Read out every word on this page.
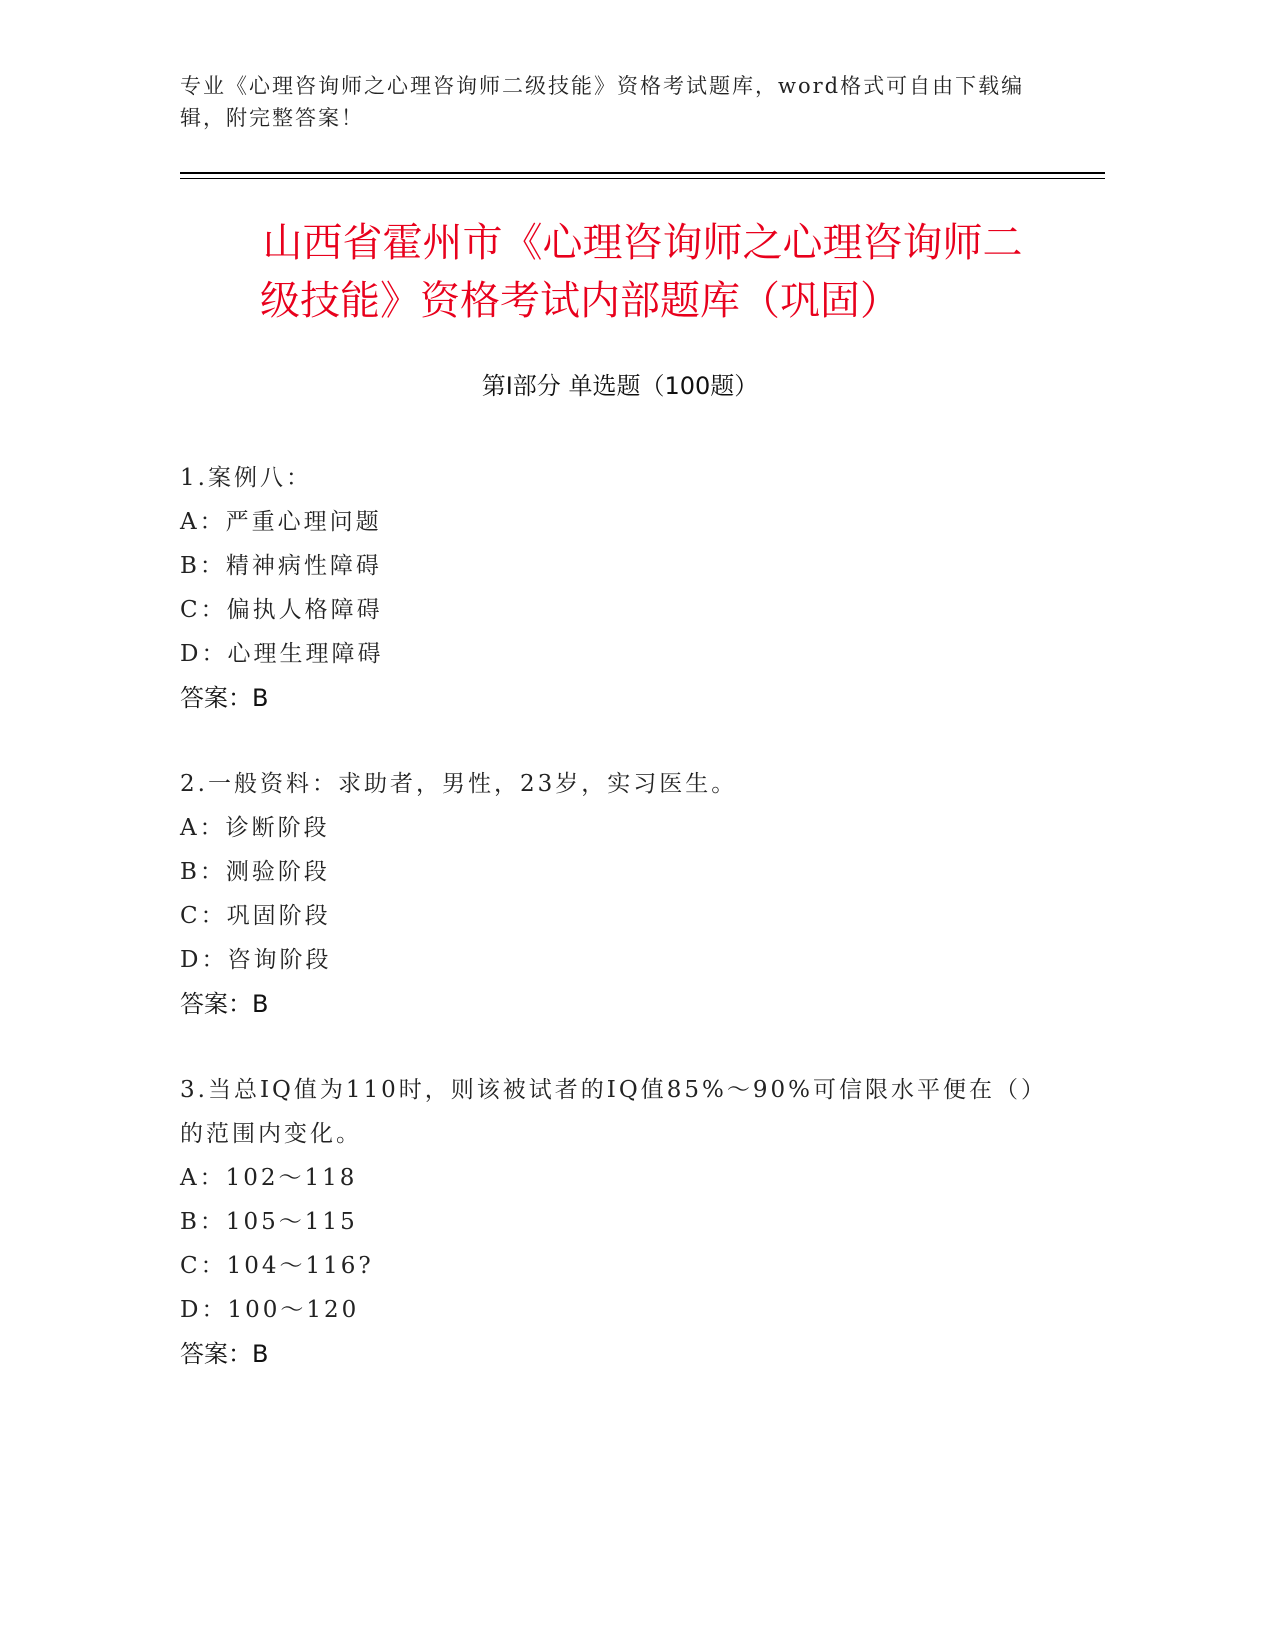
专业《心理咨询师之心理咨询师二级技能》资格考试题库，word格式可自由下载编辑，附完整答案！
山西省霍州市《心理咨询师之心理咨询师二
级技能》资格考试内部题库（巩固）
第Ⅰ部分 单选题（100题）
1.案例八：
A：严重心理问题
B：精神病性障碍
C：偏执人格障碍
D：心理生理障碍
答案：B
2.一般资料：求助者，男性，23岁，实习医生。
A：诊断阶段
B：测验阶段
C：巩固阶段
D：咨询阶段
答案：B
3.当总IQ值为110时，则该被试者的IQ值85%～90%可信限水平便在（）的范围内变化。
A：102～118
B：105～115
C：104～116?
D：100～120
答案：B
